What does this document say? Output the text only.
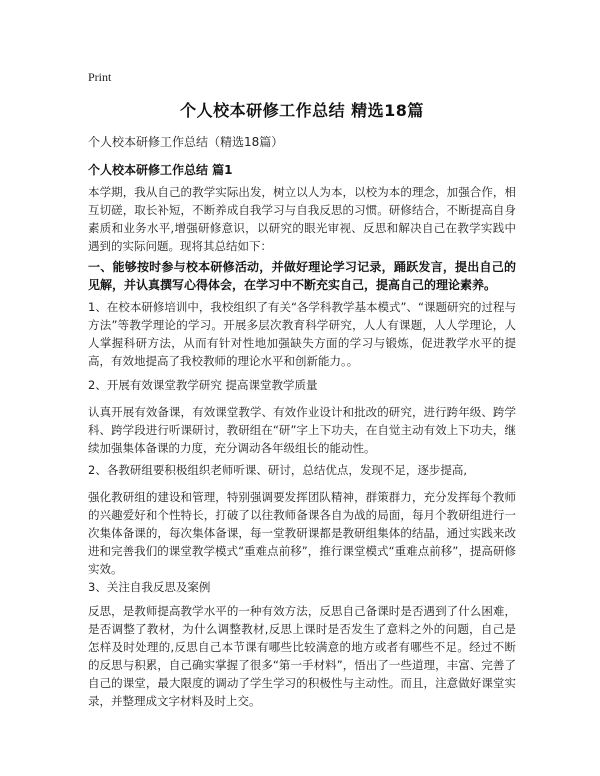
Print

个人校本研修工作总结 精选18篇

个人校本研修工作总结（精选18篇）

个人校本研修工作总结 篇1

本学期，我从自己的教学实际出发，树立以人为本，以校为本的理念，加强合作，相互切磋，取长补短，不断养成自我学习与自我反思的习惯。研修结合，不断提高自身素质和业务水平,增强研修意识，以研究的眼光审视、反思和解决自己在教学实践中遇到的实际问题。现将其总结如下：

一、能够按时参与校本研修活动，并做好理论学习记录，踊跃发言，提出自己的见解，并认真撰写心得体会，在学习中不断充实自己，提高自己的理论素养。

1、在校本研修培训中，我校组织了有关“各学科教学基本模式”、“课题研究的过程与方法”等教学理论的学习。开展多层次教育科学研究，人人有课题，人人学理论，人人掌握科研方法，从而有针对性地加强缺失方面的学习与锻炼，促进教学水平的提高，有效地提高了我校教师的理论水平和创新能力。。

2、开展有效课堂教学研究 提高课堂教学质量

认真开展有效备课，有效课堂教学、有效作业设计和批改的研究，进行跨年级、跨学科、跨学段进行听课研讨，教研组在“研”字上下功夫，在自觉主动有效上下功夫，继续加强集体备课的力度，充分调动各年级组长的能动性。

2、各教研组要积极组织老师听课、研讨，总结优点，发现不足，逐步提高,

强化教研组的建设和管理，特别强调要发挥团队精神，群策群力，充分发挥每个教师的兴趣爱好和个性特长，打破了以往教师备课各自为战的局面，每月个教研组进行一次集体备课的，每次集体备课，每一堂教研课都是教研组集体的结晶，通过实践来改进和完善我们的课堂教学模式“重难点前移”，推行课堂模式“重难点前移”，提高研修实效。

3、关注自我反思及案例

反思，是教师提高教学水平的一种有效方法，反思自己备课时是否遇到了什么困难，是否调整了教材，为什么调整教材,反思上课时是否发生了意料之外的问题，自己是怎样及时处理的,反思自己本节课有哪些比较满意的地方或者有哪些不足。经过不断的反思与积累，自己确实掌握了很多“第一手材料”，悟出了一些道理，丰富、完善了自己的课堂，最大限度的调动了学生学习的积极性与主动性。而且，注意做好课堂实录，并整理成文字材料及时上交。
